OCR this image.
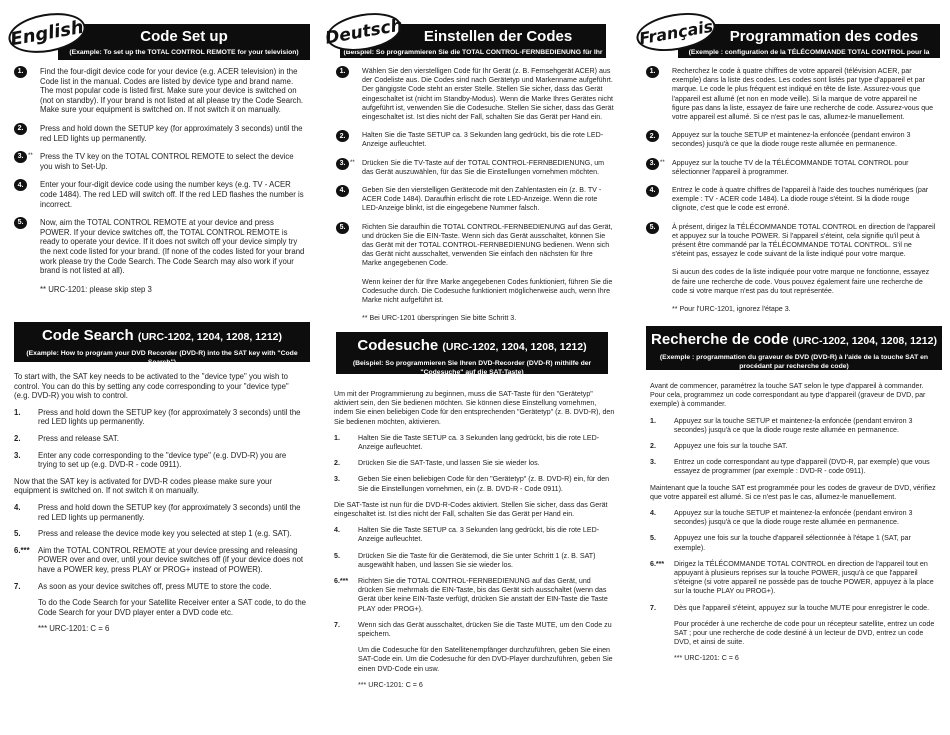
English	Code Set up
(Example: To set up the TOTAL CONTROL REMOTE for your television)
1.	Find the four-digit device code for your device (e.g. ACER television) in the Code list in the manual. Codes are listed by device type and brand name. The most popular code is listed first. Make sure your device is switched on (not on standby). If your brand is not listed at all please try the Code Search. Make sure your equipment is switched on. If not switch it on manually.
2.	Press and hold down the SETUP key (for approximately 3 seconds) until the red LED lights up permanently.
3. ** Press the TV key on the TOTAL CONTROL REMOTE to select the device you wish to Set-Up.
4.	Enter your four-digit device code using the number keys (e.g. TV - ACER code 1484). The red LED will switch off. If the red LED flashes the number is incorrect.
5.	Now, aim the TOTAL CONTROL REMOTE at your device and press POWER. If your device switches off, the TOTAL CONTROL REMOTE is ready to operate your device. If it does not switch off your device simply try the next code listed for your brand. (If none of the codes listed for your brand work please try the Code Search. The Code Search may also work if your brand is not listed at all).
** URC-1201: please skip step 3
Code Search (URC-1202, 1204, 1208, 1212)
(Example: How to program your DVD Recorder (DVD-R) into the SAT key with "Code Search")
To start with, the SAT key needs to be activated to the "device type" you wish to control. You can do this by setting any code corresponding to your "device type" (e.g. DVD-R) you wish to control.
1. Press and hold down the SETUP key (for approximately 3 seconds) until the red LED lights up permanently.
2. Press and release SAT.
3. Enter any code corresponding to the "device type" (e.g. DVD-R) you are trying to set up (e.g. DVD-R - code 0911).
Now that the SAT key is activated for DVD-R codes please make sure your equipment is switched on. If not switch it on manually.
4. Press and hold down the SETUP key (for approximately 3 seconds) until the red LED lights up permanently.
5. Press and release the device mode key you selected at step 1 (e.g. SAT).
6.*** Aim the TOTAL CONTROL REMOTE at your device pressing and releasing POWER over and over, until your device switches off (if your device does not have a POWER key, press PLAY or PROG+ instead of POWER).
7. As soon as your device switches off, press MUTE to store the code.
To do the Code Search for your Satellite Receiver enter a SAT code, to do the Code Search for your DVD player enter a DVD code etc.
*** URC-1201: C = 6
Deutsch	Einstellen der Codes
(Beispiel: So programmieren Sie die TOTAL CONTROL-FERNBEDIENUNG für Ihr Fernsehgerät)
1.	Wählen Sie den vierstelligen Code für Ihr Gerät (z. B. Fernsehgerät ACER) aus der Codeliste aus. Die Codes sind nach Gerätetyp und Markenname aufgeführt. Der gängigste Code steht an erster Stelle. Stellen Sie sicher, dass das Gerät eingeschaltet ist (nicht im Standby-Modus). Wenn die Marke Ihres Gerätes nicht aufgeführt ist, verwenden Sie die Codesuche. Stellen Sie sicher, dass das Gerät eingeschaltet ist. Ist dies nicht der Fall, schalten Sie das Gerät per Hand ein.
2.	Halten Sie die Taste SETUP ca. 3 Sekunden lang gedrückt, bis die rote LED-Anzeige aufleuchtet.
3. ** Drücken Sie die TV-Taste auf der TOTAL CONTROL-FERNBEDIENUNG, um das Gerät auszuwählen, für das Sie die Einstellungen vornehmen möchten.
4.	Geben Sie den vierstelligen Gerätecode mit den Zahlentasten ein (z. B. TV - ACER Code 1484). Daraufhin erlischt die rote LED-Anzeige. Wenn die rote LED-Anzeige blinkt, ist die eingegebene Nummer falsch.
5.	Richten Sie daraufhin die TOTAL CONTROL-FERNBEDIENUNG auf das Gerät, und drücken Sie die EIN-Taste. Wenn sich das Gerät ausschaltet, können Sie das Gerät mit der TOTAL CONTROL-FERNBEDIENUNG bedienen. Wenn sich das Gerät nicht ausschaltet, verwenden Sie einfach den nächsten für Ihre Marke angegebenen Code.
Wenn keiner der für Ihre Marke angegebenen Codes funktioniert, führen Sie die Codesuche durch. Die Codesuche funktioniert möglicherweise auch, wenn Ihre Marke nicht aufgeführt ist.
** Bei URC-1201 überspringen Sie bitte Schritt 3.
Codesuche (URC-1202, 1204, 1208, 1212)
(Beispiel: So programmieren Sie Ihren DVD-Recorder (DVD-R) mithilfe der "Codesuche" auf die SAT-Taste)
Um mit der Programmierung zu beginnen, muss die SAT-Taste für den "Gerätetyp" aktiviert sein, den Sie bedienen möchten. Sie können diese Einstellung vornehmen, indem Sie einen beliebigen Code für den entsprechenden "Gerätetyp" (z. B. DVD-R), den Sie bedienen möchten, aktivieren.
1.	Halten Sie die Taste SETUP ca. 3 Sekunden lang gedrückt, bis die rote LED-Anzeige aufleuchtet.
2.	Drücken Sie die SAT-Taste, und lassen Sie sie wieder los.
3.	Geben Sie einen beliebigen Code für den "Gerätetyp" (z. B. DVD-R) ein, für den Sie die Einstellungen vornehmen, ein (z. B. DVD-R - Code 0911).
Die SAT-Taste ist nun für die DVD-R-Codes aktiviert. Stellen Sie sicher, dass das Gerät eingeschaltet ist. Ist dies nicht der Fall, schalten Sie das Gerät per Hand ein.
4.	Halten Sie die Taste SETUP ca. 3 Sekunden lang gedrückt, bis die rote LED-Anzeige aufleuchtet.
5.	Drücken Sie die Taste für die Gerätemodi, die Sie unter Schritt 1 (z. B. SAT) ausgewählt haben, und lassen Sie sie wieder los.
6.*** Richten Sie die TOTAL CONTROL-FERNBEDIENUNG auf das Gerät, und drücken Sie mehrmals die EIN-Taste, bis das Gerät sich ausschaltet (wenn das Gerät über keine EIN-Taste verfügt, drücken Sie anstatt der EIN-Taste die Taste PLAY oder PROG+).
7.	Wenn sich das Gerät ausschaltet, drücken Sie die Taste MUTE, um den Code zu speichern.
Um die Codesuche für den Satellitenempfänger durchzuführen, geben Sie einen SAT-Code ein. Um die Codesuche für den DVD-Player durchzuführen, geben Sie einen DVD-Code ein usw.
*** URC-1201: C = 6
Français	Programmation des codes
(Exemple : configuration de la TÉLÉCOMMANDE TOTAL CONTROL pour la télévision)
1.	Recherchez le code à quatre chiffres de votre appareil (télévision ACER, par exemple) dans la liste des codes. Les codes sont listés par type d'appareil et par marque. Le code le plus fréquent est indiqué en tête de liste. Assurez-vous que l'appareil est allumé (et non en mode veille). Si la marque de votre appareil ne figure pas dans la liste, essayez de faire une recherche de code. Assurez-vous que votre appareil est allumé. Si ce n'est pas le cas, allumez-le manuellement.
2.	Appuyez sur la touche SETUP et maintenez-la enfoncée (pendant environ 3 secondes) jusqu'à ce que la diode rouge reste allumée en permanence.
3. ** Appuyez sur la touche TV de la TÉLÉCOMMANDE TOTAL CONTROL pour sélectionner l'appareil à programmer.
4.	Entrez le code à quatre chiffres de l'appareil à l'aide des touches numériques (par exemple : TV - ACER code 1484). La diode rouge s'éteint. Si la diode rouge clignote, c'est que le code est erroné.
5.	À présent, dirigez la TÉLÉCOMMANDE TOTAL CONTROL en direction de l'appareil et appuyez sur la touche POWER. Si l'appareil s'éteint, cela signifie qu'il peut à présent être commandé par la TÉLÉCOMMANDE TOTAL CONTROL. S'il ne s'éteint pas, essayez le code suivant de la liste indiqué pour votre marque.
Si aucun des codes de la liste indiquée pour votre marque ne fonctionne, essayez de faire une recherche de code. Vous pouvez également faire une recherche de code si votre marque n'est pas du tout représentée.
** Pour l'URC-1201, ignorez l'étape 3.
Recherche de code (URC-1202, 1204, 1208, 1212)
(Exemple : programmation du graveur de DVD (DVD-R) à l'aide de la touche SAT en procédant par recherche de code)
Avant de commencer, paramétrez la touche SAT selon le type d'appareil à commander. Pour cela, programmez un code correspondant au type d'appareil (graveur de DVD, par exemple) à commander.
1.	Appuyez sur la touche SETUP et maintenez-la enfoncée (pendant environ 3 secondes) jusqu'à ce que la diode rouge reste allumée en permanence.
2.	Appuyez une fois sur la touche SAT.
3.	Entrez un code correspondant au type d'appareil (DVD-R, par exemple) que vous essayez de programmer (par exemple : DVD-R - code 0911).
Maintenant que la touche SAT est programmée pour les codes de graveur de DVD, vérifiez que votre appareil est allumé. Si ce n'est pas le cas, allumez-le manuellement.
4.	Appuyez sur la touche SETUP et maintenez-la enfoncée (pendant environ 3 secondes) jusqu'à ce que la diode rouge reste allumée en permanence.
5.	Appuyez une fois sur la touche d'appareil sélectionnée à l'étape 1 (SAT, par exemple).
6.*** Dirigez la TÉLÉCOMMANDE TOTAL CONTROL en direction de l'appareil tout en appuyant à plusieurs reprises sur la touche POWER, jusqu'à ce que l'appareil s'éteigne (si votre appareil ne possède pas de touche POWER, appuyez à la place sur la touche PLAY ou PROG+).
7.	Dès que l'appareil s'éteint, appuyez sur la touche MUTE pour enregistrer le code.
Pour procéder à une recherche de code pour un récepteur satellite, entrez un code SAT ; pour une recherche de code destiné à un lecteur de DVD, entrez un code DVD, et ainsi de suite.
*** URC-1201: C = 6
